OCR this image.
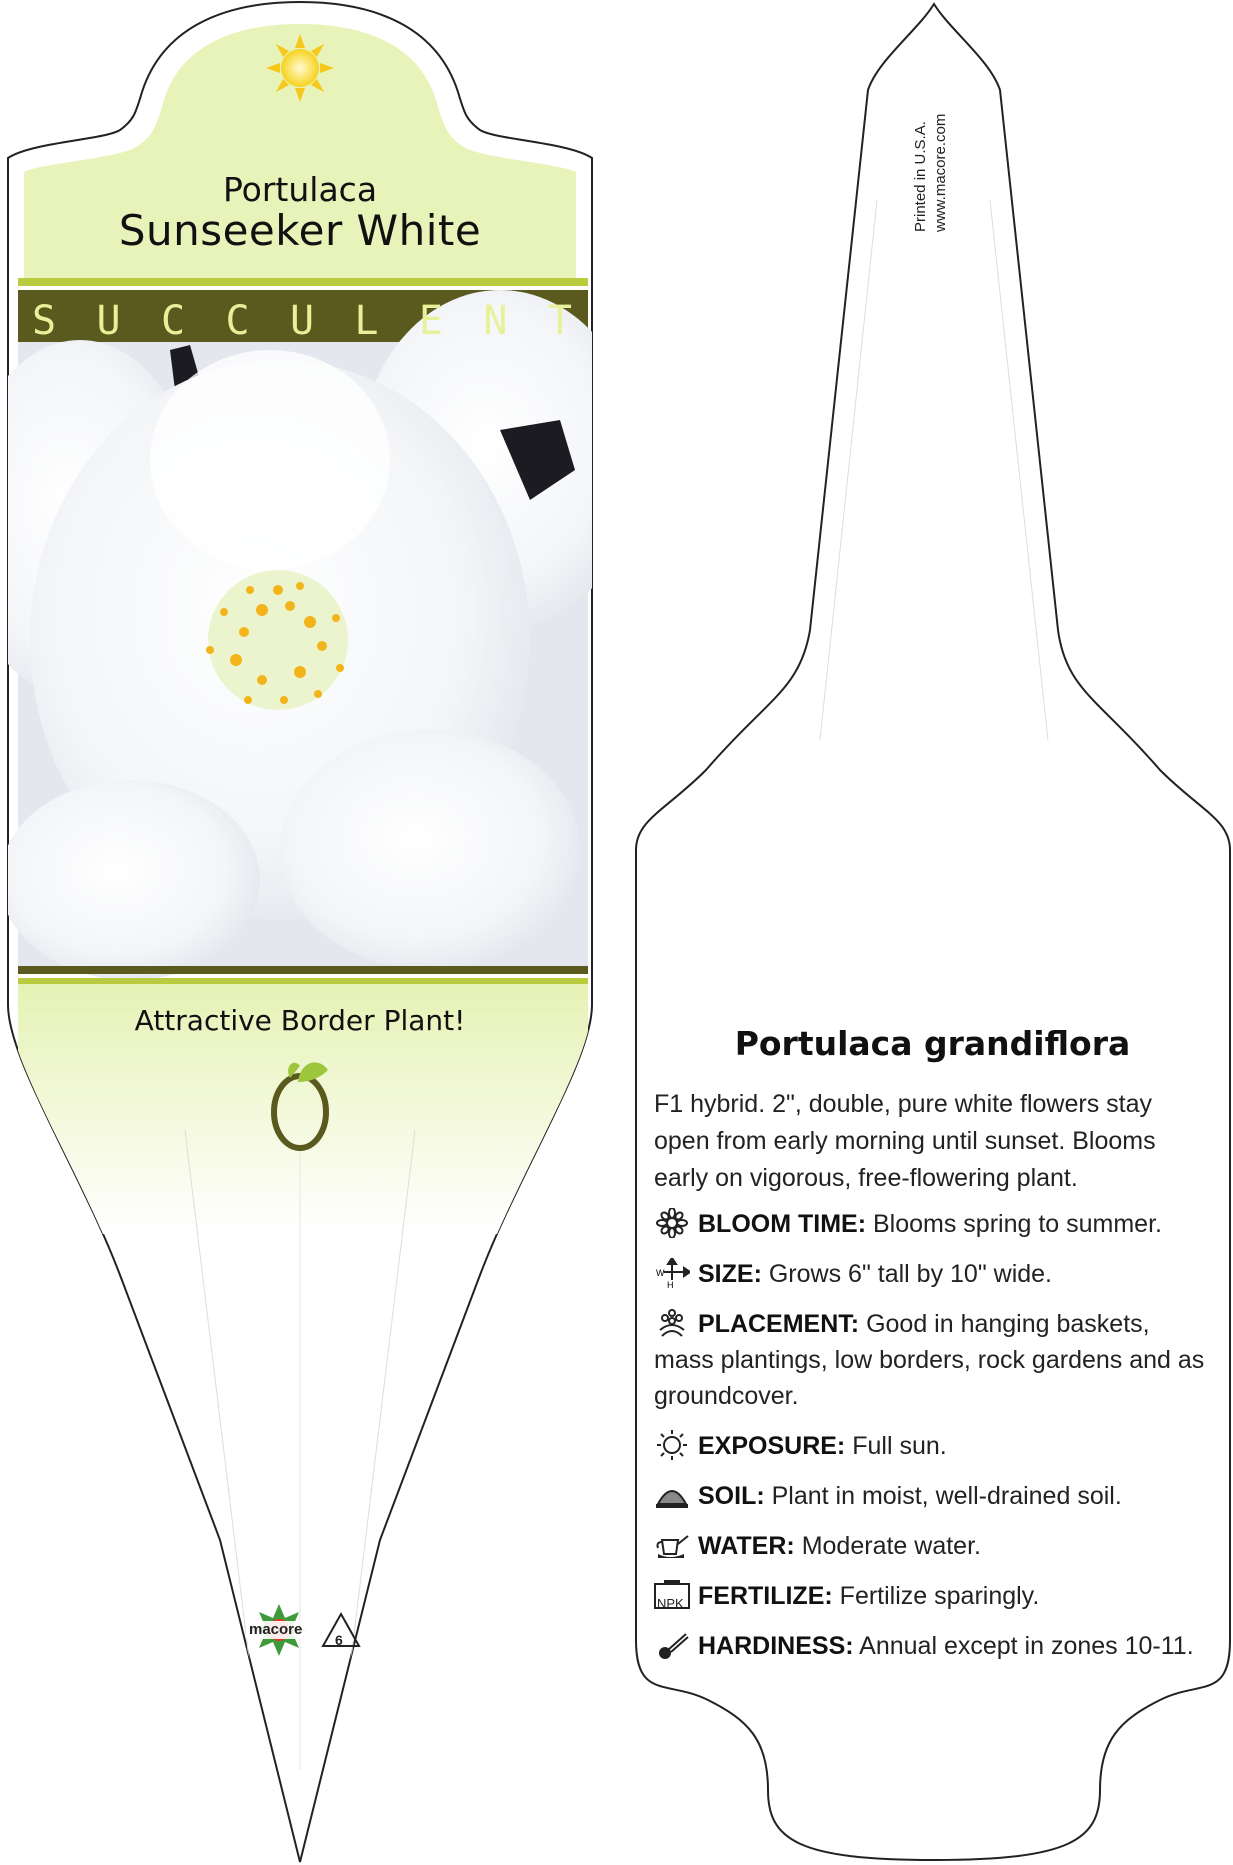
Portulaca
Sunseeker White
S U C C U L E N T
Attractive Border Plant!
macore
6
Printed in U.S.A. www.macore.com
Portulaca grandiflora
F1 hybrid. 2", double, pure white flowers stay open from early morning until sunset. Blooms early on vigorous, free-flowering plant.
BLOOM TIME: Blooms spring to summer.
W
H SIZE: Grows 6" tall by 10" wide.
PLACEMENT: Good in hanging baskets, mass plantings, low borders, rock gardens and as groundcover.
EXPOSURE: Full sun.
SOIL: Plant in moist, well-drained soil.
WATER: Moderate water.
NPK FERTILIZE: Fertilize sparingly.
HARDINESS: Annual except in zones 10-11.
